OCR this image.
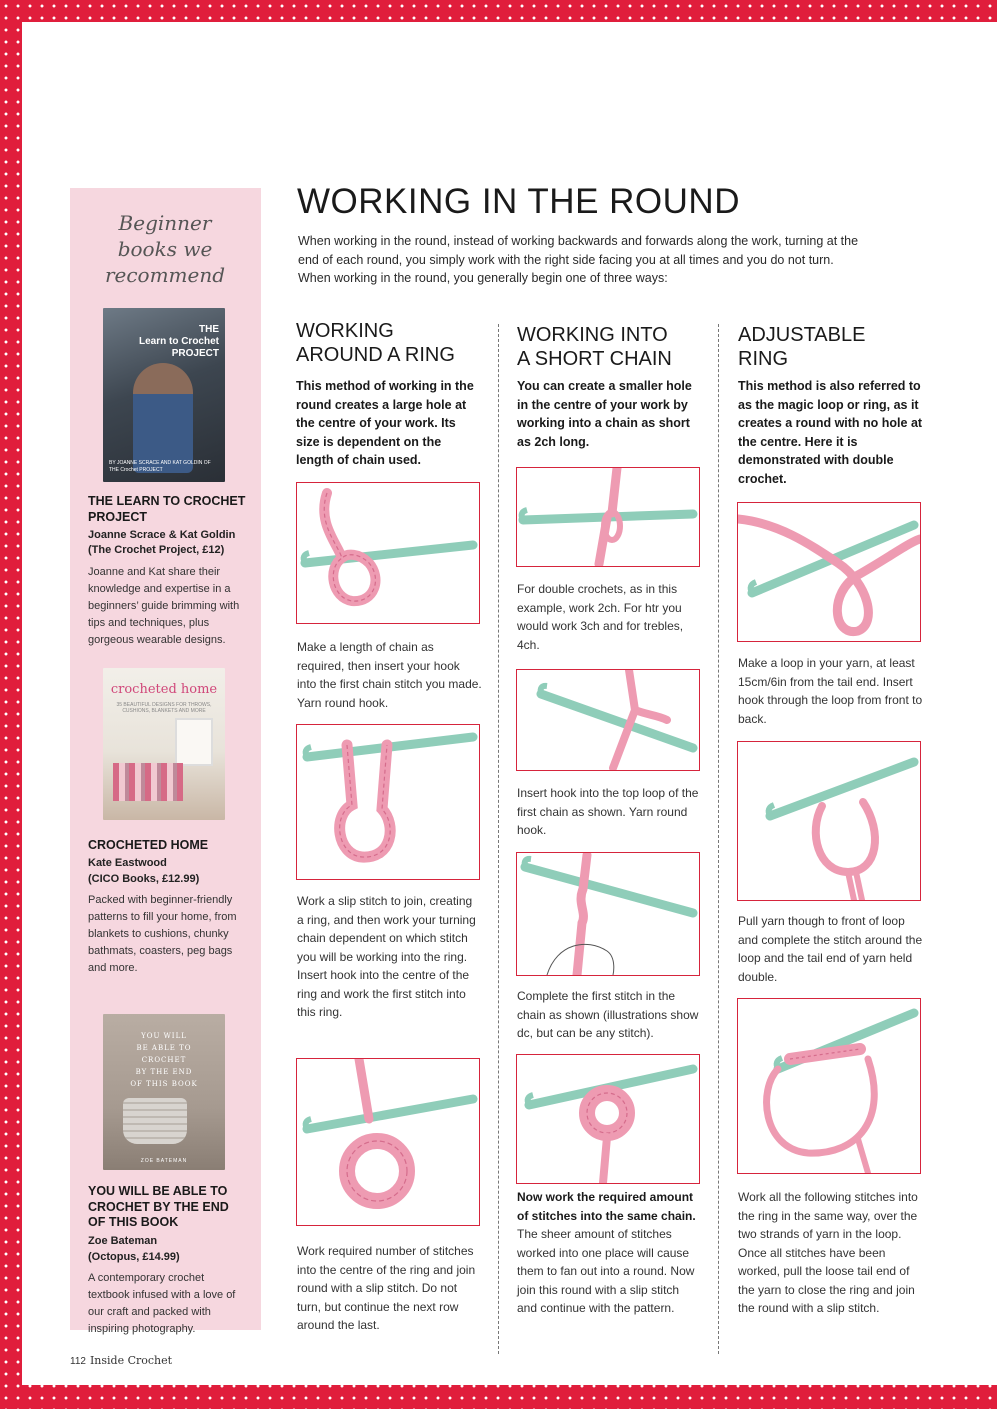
Beginner
books we
recommend
THE
Learn to Crochet
PROJECT
BY JOANNE SCRACE AND KAT GOLDIN OF THE Crochet PROJECT
THE LEARN TO CROCHET PROJECT
Joanne Scrace & Kat Goldin
(The Crochet Project, £12)
Joanne and Kat share their knowledge and expertise in a beginners’ guide brimming with tips and techniques, plus gorgeous wearable designs.
crocheted home
35 BEAUTIFUL DESIGNS FOR THROWS, CUSHIONS, BLANKETS AND MORE
CROCHETED HOME
Kate Eastwood
(CICO Books, £12.99)
Packed with beginner-friendly patterns to fill your home, from blankets to cushions, chunky bathmats, coasters, peg bags and more.
YOU WILL
BE ABLE TO
CROCHET
BY THE END
OF THIS BOOK
ZOE BATEMAN
YOU WILL BE ABLE TO CROCHET BY THE END OF THIS BOOK
Zoe Bateman
(Octopus, £14.99)
A contemporary crochet textbook infused with a love of our craft and packed with inspiring photography.
WORKING IN THE ROUND
When working in the round, instead of working backwards and forwards along the work, turning at the end of each round, you simply work with the right side facing you at all times and you do not turn. When working in the round, you generally begin one of three ways:
WORKING
AROUND A RING
This method of working in the round creates a large hole at the centre of your work. Its size is dependent on the length of chain used.
Make a length of chain as required, then insert your hook into the first chain stitch you made. Yarn round hook.
Work a slip stitch to join, creating a ring, and then work your turning chain dependent on which stitch you will be working into the ring. Insert hook into the centre of the ring and work the first stitch into this ring.
Work required number of stitches into the centre of the ring and join round with a slip stitch. Do not turn, but continue the next row around the last.
WORKING INTO
A SHORT CHAIN
You can create a smaller hole in the centre of your work by working into a chain as short as 2ch long.
For double crochets, as in this example, work 2ch. For htr you would work 3ch and for trebles, 4ch.
Insert hook into the top loop of the first chain as shown. Yarn round hook.
Complete the first stitch in the chain as shown (illustrations show dc, but can be any stitch).
Now work the required amount of stitches into the same chain. The sheer amount of stitches worked into one place will cause them to fan out into a round. Now join this round with a slip stitch and continue with the pattern.
ADJUSTABLE
RING
This method is also referred to as the magic loop or ring, as it creates a round with no hole at the centre. Here it is demonstrated with double crochet.
Make a loop in your yarn, at least 15cm/6in from the tail end. Insert hook through the loop from front to back.
Pull yarn though to front of loop and complete the stitch around the loop and the tail end of yarn held double.
Work all the following stitches into the ring in the same way, over the two strands of yarn in the loop. Once all stitches have been worked, pull the loose tail end of the yarn to close the ring and join the round with a slip stitch.
112 Inside Crochet
